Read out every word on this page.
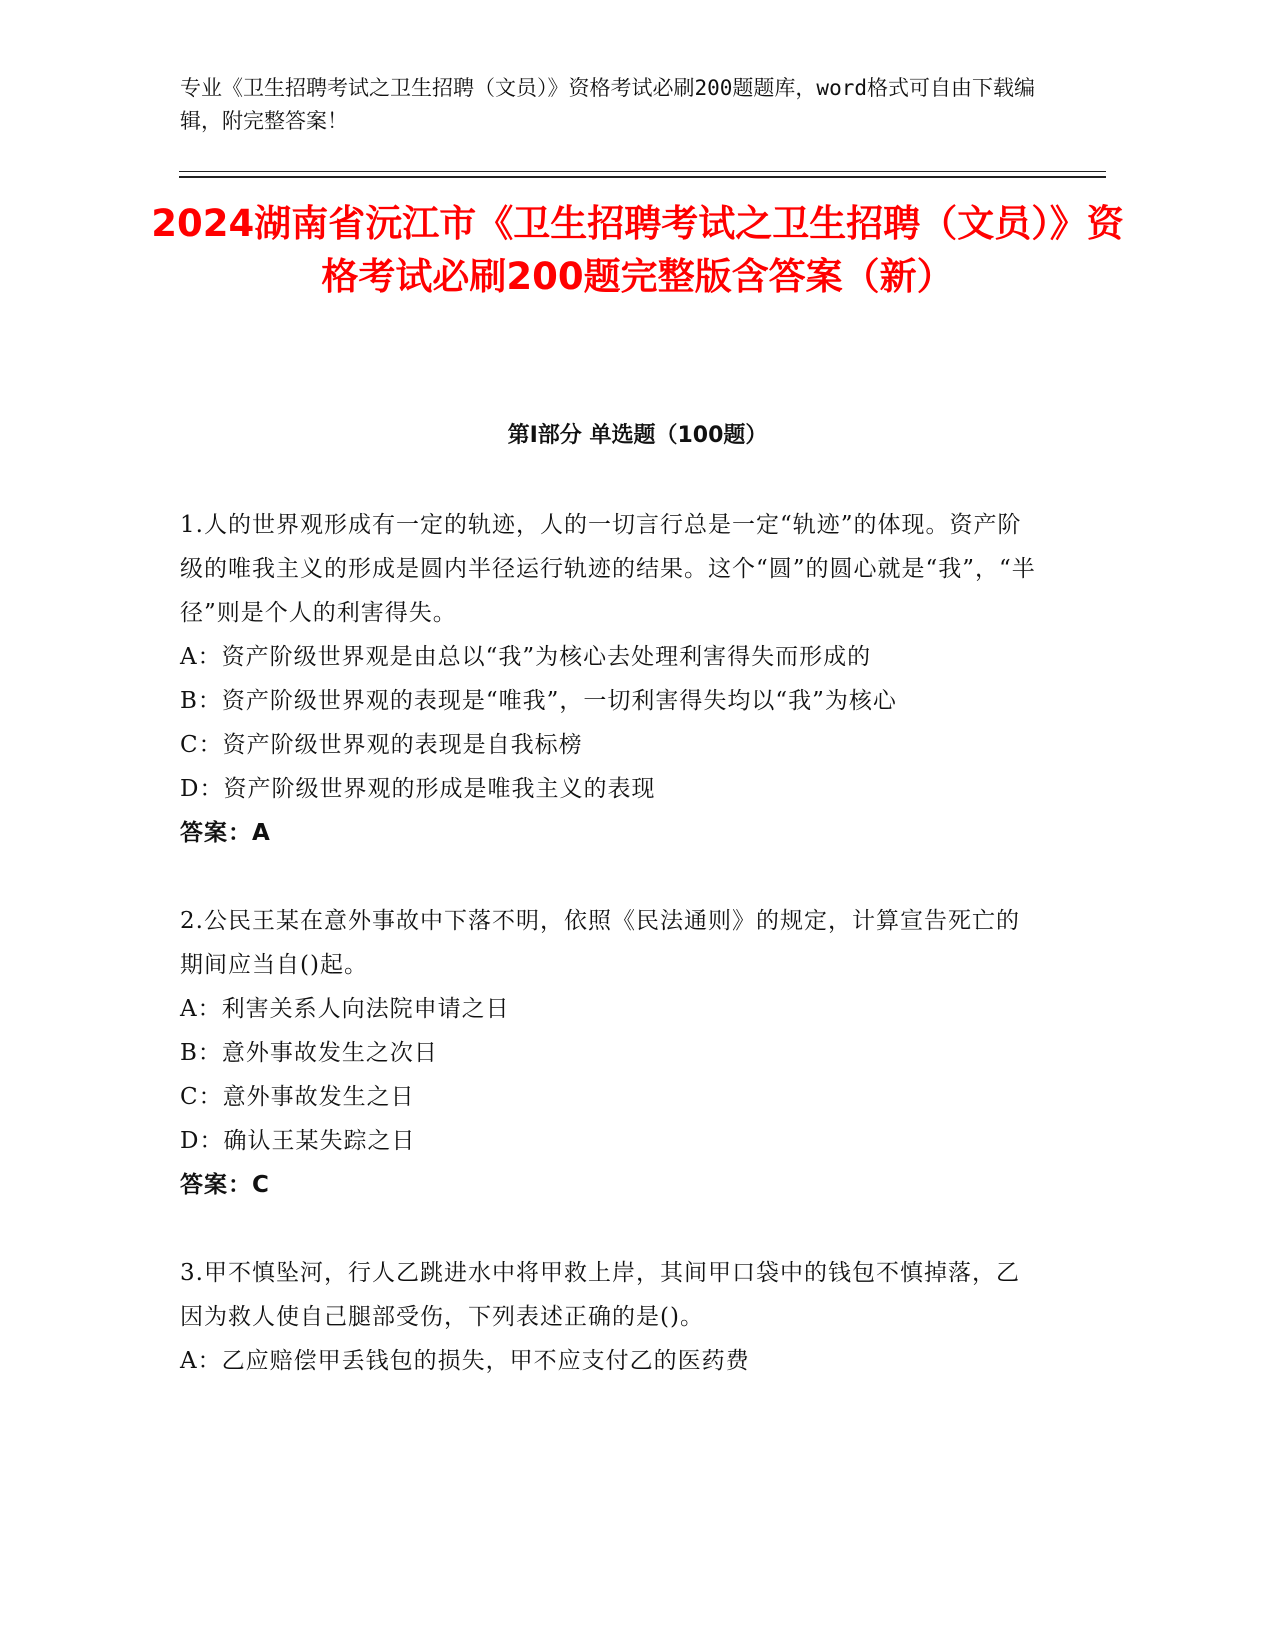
专业《卫生招聘考试之卫生招聘（文员）》资格考试必刷200题题库，word格式可自由下载编辑，附完整答案！
2024湖南省沅江市《卫生招聘考试之卫生招聘（文员）》资格考试必刷200题完整版含答案（新）
第I部分 单选题（100题）

1.人的世界观形成有一定的轨迹，人的一切言行总是一定“轨迹”的体现。资产阶级的唯我主义的形成是圆内半径运行轨迹的结果。这个“圆”的圆心就是“我”，“半径”则是个人的利害得失。

A：资产阶级世界观是由总以“我”为核心去处理利害得失而形成的

B：资产阶级世界观的表现是“唯我”，一切利害得失均以“我”为核心

C：资产阶级世界观的表现是自我标榜

D：资产阶级世界观的形成是唯我主义的表现

答案：A

2.公民王某在意外事故中下落不明，依照《民法通则》的规定，计算宣告死亡的期间应当自()起。

A：利害关系人向法院申请之日

B：意外事故发生之次日

C：意外事故发生之日

D：确认王某失踪之日

答案：C

3.甲不慎坠河，行人乙跳进水中将甲救上岸，其间甲口袋中的钱包不慎掉落，乙因为救人使自己腿部受伤，下列表述正确的是()。

A：乙应赔偿甲丢钱包的损失，甲不应支付乙的医药费
